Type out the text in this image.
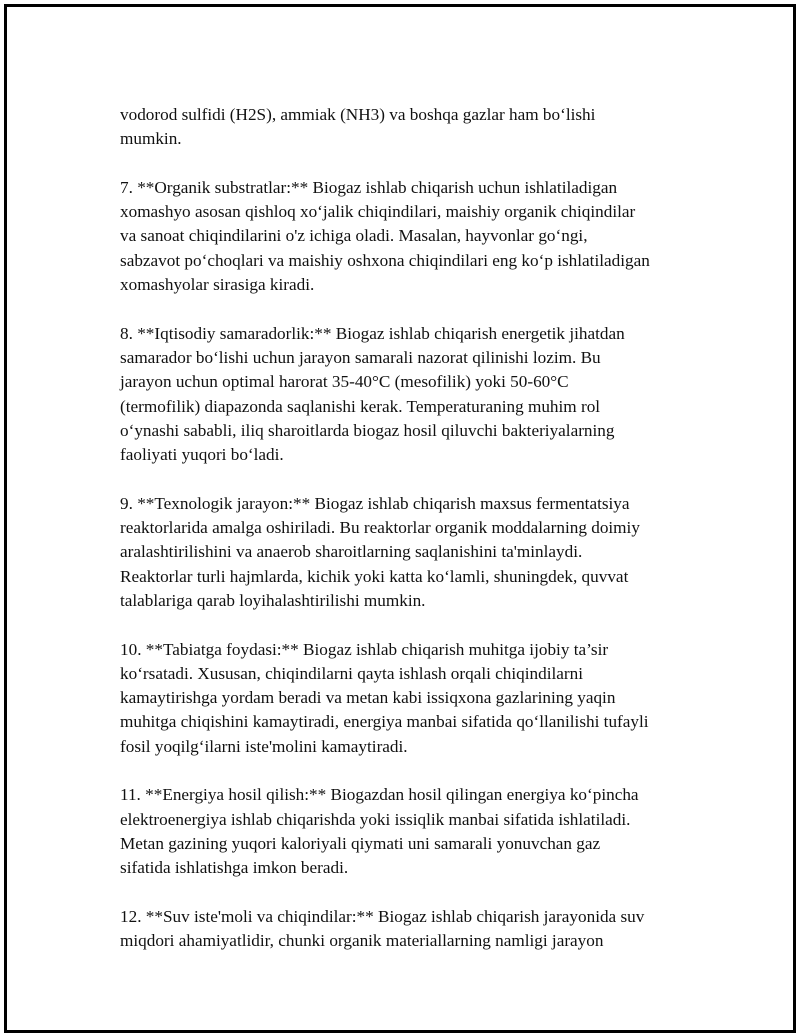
vodorod sulfidi (H2S), ammiak (NH3) va boshqa gazlar ham bo‘lishi
mumkin.

7. **Organik substratlar:** Biogaz ishlab chiqarish uchun ishlatiladigan
xomashyo asosan qishloq xo‘jalik chiqindilari, maishiy organik chiqindilar
va sanoat chiqindilarini o'z ichiga oladi. Masalan, hayvonlar go‘ngi,
sabzavot po‘choqlari va maishiy oshxona chiqindilari eng ko‘p ishlatiladigan
xomashyolar sirasiga kiradi.

8. **Iqtisodiy samaradorlik:** Biogaz ishlab chiqarish energetik jihatdan
samarador bo‘lishi uchun jarayon samarali nazorat qilinishi lozim. Bu
jarayon uchun optimal harorat 35-40°C (mesofilik) yoki 50-60°C
(termofilik) diapazonda saqlanishi kerak. Temperaturaning muhim rol
o‘ynashi sababli, iliq sharoitlarda biogaz hosil qiluvchi bakteriyalarning
faoliyati yuqori bo‘ladi.

9. **Texnologik jarayon:** Biogaz ishlab chiqarish maxsus fermentatsiya
reaktorlarida amalga oshiriladi. Bu reaktorlar organik moddalarning doimiy
aralashtirilishini va anaerob sharoitlarning saqlanishini ta'minlaydi.
Reaktorlar turli hajmlarda, kichik yoki katta ko‘lamli, shuningdek, quvvat
talablariga qarab loyihalashtirilishi mumkin.

10. **Tabiatga foydasi:** Biogaz ishlab chiqarish muhitga ijobiy ta’sir
ko‘rsatadi. Xususan, chiqindilarni qayta ishlash orqali chiqindilarni
kamaytirishga yordam beradi va metan kabi issiqxona gazlarining yaqin
muhitga chiqishini kamaytiradi, energiya manbai sifatida qo‘llanilishi tufayli
fosil yoqilg‘ilarni iste'molini kamaytiradi.

11. **Energiya hosil qilish:** Biogazdan hosil qilingan energiya ko‘pincha
elektroenergiya ishlab chiqarishda yoki issiqlik manbai sifatida ishlatiladi.
Metan gazining yuqori kaloriyali qiymati uni samarali yonuvchan gaz
sifatida ishlatishga imkon beradi.

12. **Suv iste'moli va chiqindilar:** Biogaz ishlab chiqarish jarayonida suv
miqdori ahamiyatlidir, chunki organik materiallarning namligi jarayon
